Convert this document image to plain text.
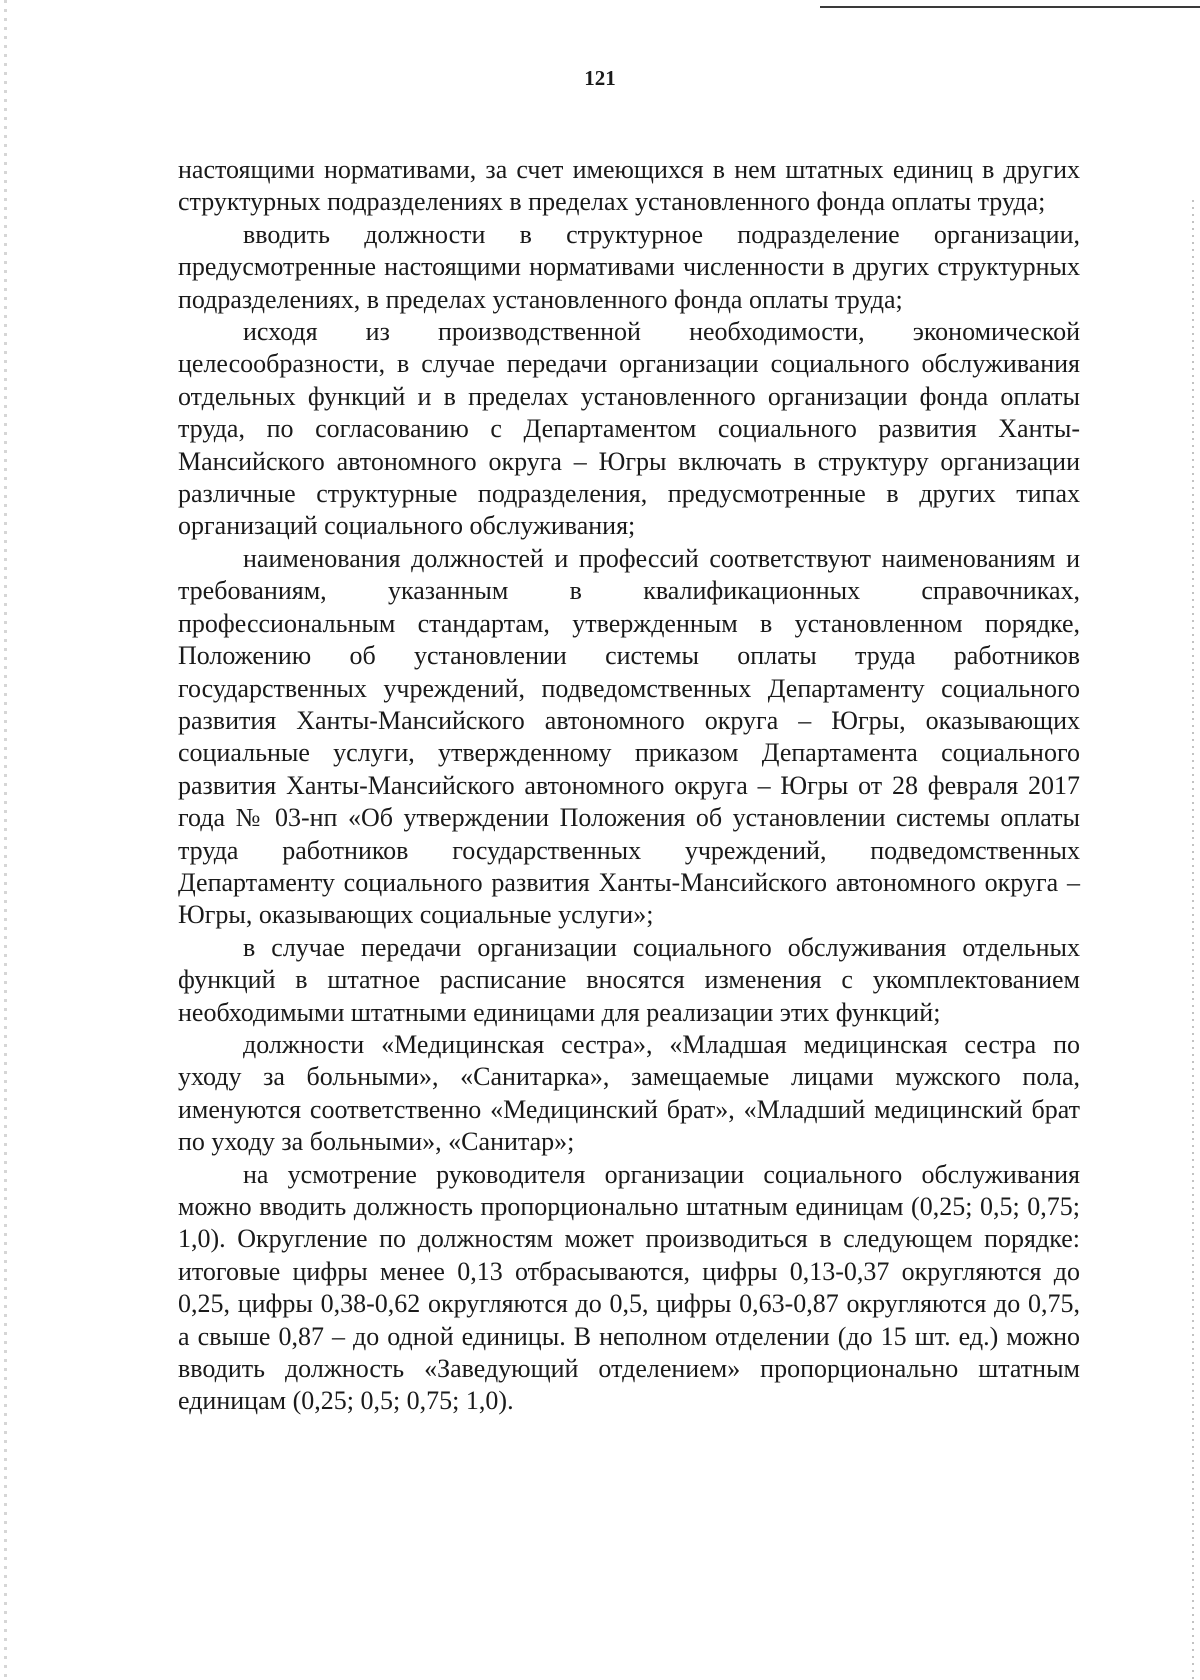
121

настоящими нормативами, за счет имеющихся в нем штатных единиц в других структурных подразделениях в пределах установленного фонда оплаты труда;

вводить должности в структурное подразделение организации, предусмотренные настоящими нормативами численности в других структурных подразделениях, в пределах установленного фонда оплаты труда;

исходя из производственной необходимости, экономической целесообразности, в случае передачи организации социального обслуживания отдельных функций и в пределах установленного организации фонда оплаты труда, по согласованию с Департаментом социального развития Ханты-Мансийского автономного округа – Югры включать в структуру организации различные структурные подразделения, предусмотренные в других типах организаций социального обслуживания;

наименования должностей и профессий соответствуют наименованиям и требованиям, указанным в квалификационных справочниках, профессиональным стандартам, утвержденным в установленном порядке, Положению об установлении системы оплаты труда работников государственных учреждений, подведомственных Департаменту социального развития Ханты-Мансийского автономного округа – Югры, оказывающих социальные услуги, утвержденному приказом Департамента социального развития Ханты-Мансийского автономного округа – Югры от 28 февраля 2017 года № 03-нп «Об утверждении Положения об установлении системы оплаты труда работников государственных учреждений, подведомственных Департаменту социального развития Ханты-Мансийского автономного округа – Югры, оказывающих социальные услуги»;

в случае передачи организации социального обслуживания отдельных функций в штатное расписание вносятся изменения с укомплектованием необходимыми штатными единицами для реализации этих функций;

должности «Медицинская сестра», «Младшая медицинская сестра по уходу за больными», «Санитарка», замещаемые лицами мужского пола, именуются соответственно «Медицинский брат», «Младший медицинский брат по уходу за больными», «Санитар»;

на усмотрение руководителя организации социального обслуживания можно вводить должность пропорционально штатным единицам (0,25; 0,5; 0,75; 1,0). Округление по должностям может производиться в следующем порядке: итоговые цифры менее 0,13 отбрасываются, цифры 0,13-0,37 округляются до 0,25, цифры 0,38-0,62 округляются до 0,5, цифры 0,63-0,87 округляются до 0,75, а свыше 0,87 – до одной единицы. В неполном отделении (до 15 шт. ед.) можно вводить должность «Заведующий отделением» пропорционально штатным единицам (0,25; 0,5; 0,75; 1,0).
